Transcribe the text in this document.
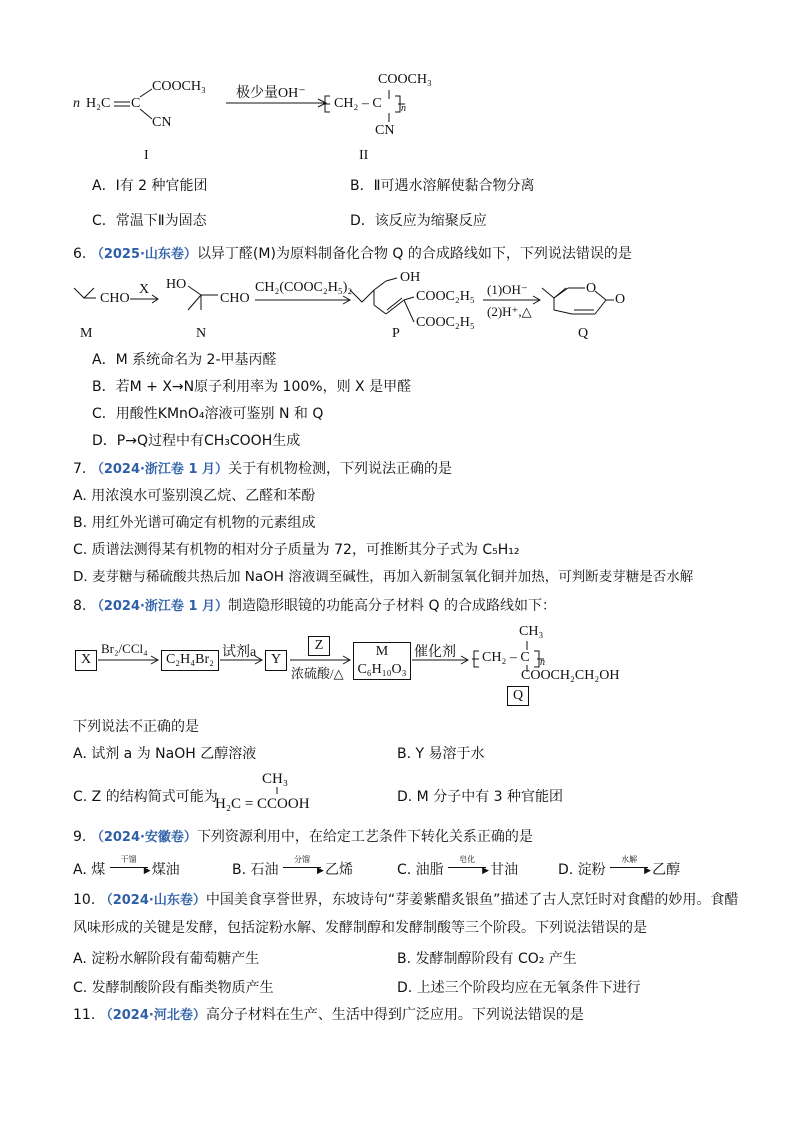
n H₂C C
COOCH₃
CN
极少量OH⁻
COOCH₃
CH₂ – C n
CN
I	II
A．Ⅰ有 2 种官能团	B．Ⅱ可遇水溶解使黏合物分离
C．常温下Ⅱ为固态	D．该反应为缩聚反应
6. （2025·山东卷）以异丁醛(M)为原料制备化合物 Q 的合成路线如下，下列说法错误的是
CHO
X HO
CHO
CH₂(COOC₂H₅)₂
OH
COOC₂H₅
COOC₂H₅
(1)OH⁻
(2)H⁺,△
O
O
M	N	P	Q
A．M 系统命名为 2-甲基丙醛
B．若M + X→N原子利用率为 100%，则 X 是甲醛
C．用酸性KMnO₄溶液可鉴别 N 和 Q
D．P→Q过程中有CH₃COOH生成
7. （2024·浙江卷 1 月）关于有机物检测，下列说法正确的是
A. 用浓溴水可鉴别溴乙烷、乙醛和苯酚
B. 用红外光谱可确定有机物的元素组成
C. 质谱法测得某有机物的相对分子质量为 72，可推断其分子式为 C₅H₁₂
D. 麦芽糖与稀硫酸共热后加 NaOH 溶液调至碱性，再加入新制氢氧化铜并加热，可判断麦芽糖是否水解
8. （2024·浙江卷 1 月）制造隐形眼镜的功能高分子材料 Q 的合成路线如下：
X
Br₂/CCl₄
C₂H₄Br₂ 试剂a	Y
Z
浓硫酸/△
M
C₆H₁₀O₃
催化剂
CH₃
CH₂ – C n
COOCH₂CH₂OH
Q
下列说法不正确的是
A. 试剂 a 为 NaOH 乙醇溶液	B. Y 易溶于水
C. Z 的结构简式可能为
CH₃
H₂C = CCOOH	D. M 分子中有 3 种官能团
9. （2024·安徽卷）下列资源利用中，在给定工艺条件下转化关系正确的是
A. 煤
干馏
▶ 煤油	B. 石油
分馏
▶ 乙烯	C. 油脂
皂化
▶ 甘油	D. 淀粉
水解
▶ 乙醇
10. （2024·山东卷）中国美食享誉世界，东坡诗句“芽姜紫醋炙银鱼”描述了古人烹饪时对食醋的妙用。食醋
风味形成的关键是发酵，包括淀粉水解、发酵制醇和发酵制酸等三个阶段。下列说法错误的是
A. 淀粉水解阶段有葡萄糖产生	B. 发酵制醇阶段有 CO₂ 产生
C. 发酵制酸阶段有酯类物质产生	D. 上述三个阶段均应在无氧条件下进行
11. （2024·河北卷）高分子材料在生产、生活中得到广泛应用。下列说法错误的是
